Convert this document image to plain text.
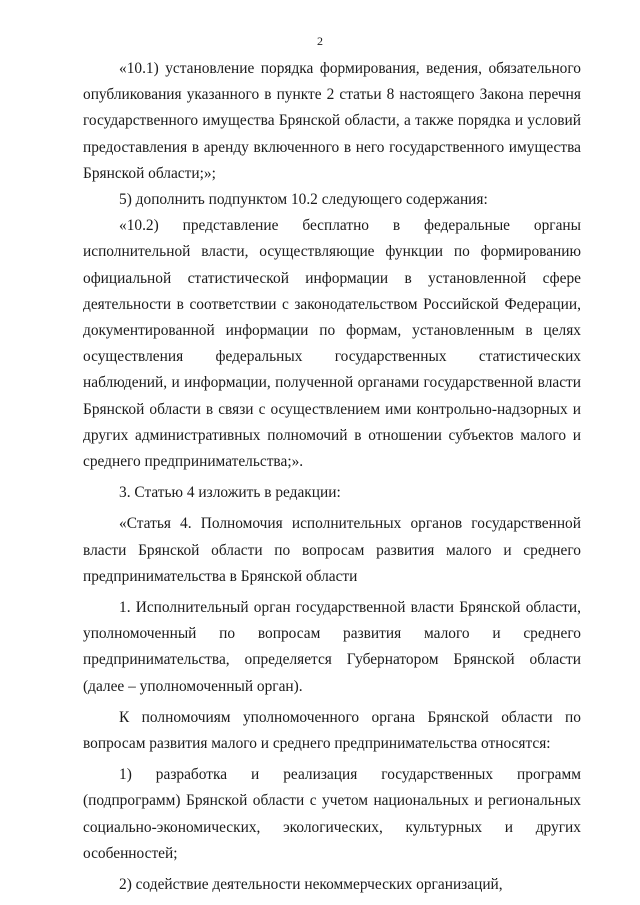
2

«10.1) установление порядка формирования, ведения, обязательного опубликования указанного в пункте 2 статьи 8 настоящего Закона перечня государственного имущества Брянской области, а также порядка и условий предоставления в аренду включенного в него государственного имущества Брянской области;»;

5) дополнить подпунктом 10.2 следующего содержания:

«10.2) представление бесплатно в федеральные органы исполнительной власти, осуществляющие функции по формированию официальной статистической информации в установленной сфере деятельности в соответствии с законодательством Российской Федерации, документированной информации по формам, установленным в целях осуществления федеральных государственных статистических наблюдений, и информации, полученной органами государственной власти Брянской области в связи с осуществлением ими контрольно-надзорных и других административных полномочий в отношении субъектов малого и среднего предпринимательства;».

3. Статью 4 изложить в редакции:

«Статья 4. Полномочия исполнительных органов государственной власти Брянской области по вопросам развития малого и среднего предпринимательства в Брянской области

1. Исполнительный орган государственной власти Брянской области, уполномоченный по вопросам развития малого и среднего предпринимательства, определяется Губернатором Брянской области (далее – уполномоченный орган).

К полномочиям уполномоченного органа Брянской области по вопросам развития малого и среднего предпринимательства относятся:

1) разработка и реализация государственных программ (подпрограмм) Брянской области с учетом национальных и региональных социально-экономических, экологических, культурных и других особенностей;

2) содействие деятельности некоммерческих организаций,
